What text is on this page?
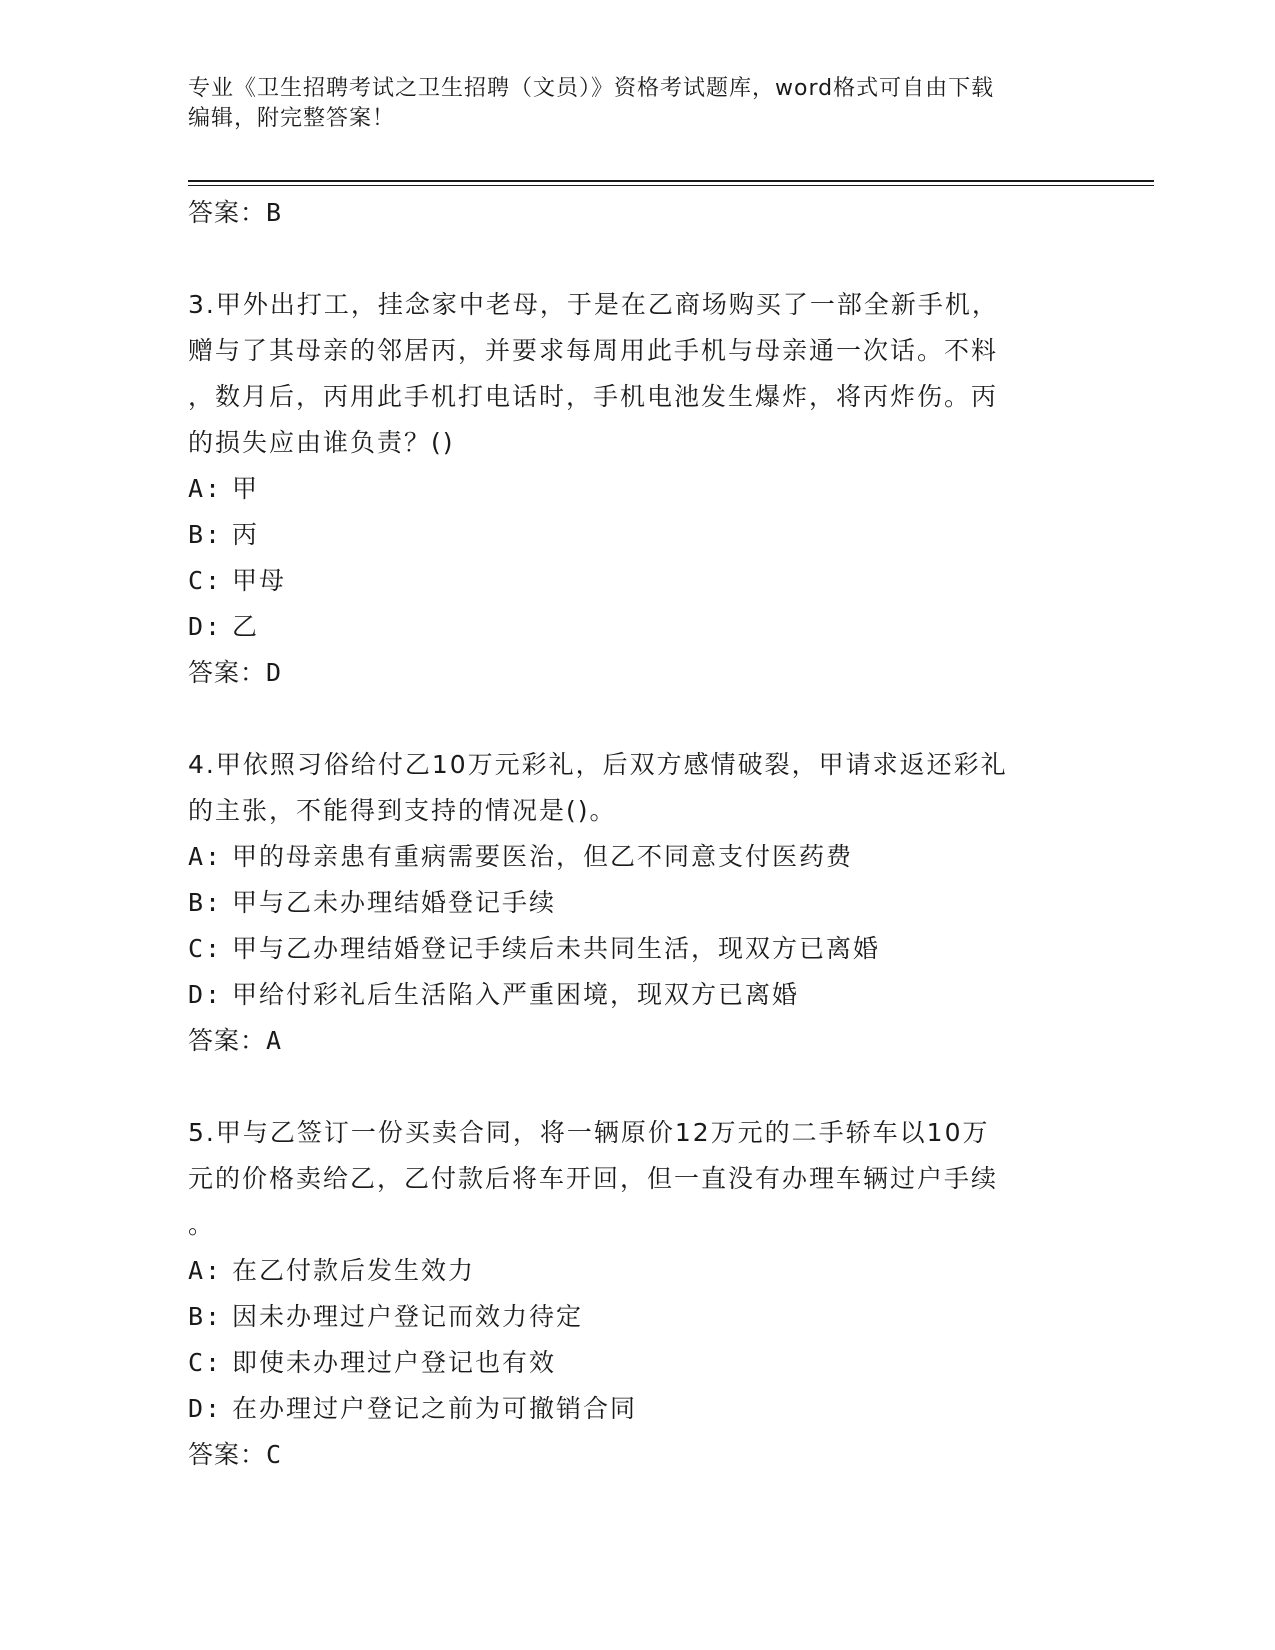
专业《卫生招聘考试之卫生招聘（文员）》资格考试题库，word格式可自由下载
编辑，附完整答案！

答案：B

3.甲外出打工，挂念家中老母，于是在乙商场购买了一部全新手机，

赠与了其母亲的邻居丙，并要求每周用此手机与母亲通一次话。不料

，数月后，丙用此手机打电话时，手机电池发生爆炸，将丙炸伤。丙

的损失应由谁负责？()

A: 甲

B: 丙

C: 甲母

D: 乙

答案：D

4.甲依照习俗给付乙10万元彩礼，后双方感情破裂，甲请求返还彩礼

的主张，不能得到支持的情况是()。

A: 甲的母亲患有重病需要医治，但乙不同意支付医药费

B: 甲与乙未办理结婚登记手续

C: 甲与乙办理结婚登记手续后未共同生活，现双方已离婚

D: 甲给付彩礼后生活陷入严重困境，现双方已离婚

答案：A

5.甲与乙签订一份买卖合同，将一辆原价12万元的二手轿车以10万

元的价格卖给乙，乙付款后将车开回，但一直没有办理车辆过户手续

。

A: 在乙付款后发生效力

B: 因未办理过户登记而效力待定

C: 即使未办理过户登记也有效

D: 在办理过户登记之前为可撤销合同

答案：C
